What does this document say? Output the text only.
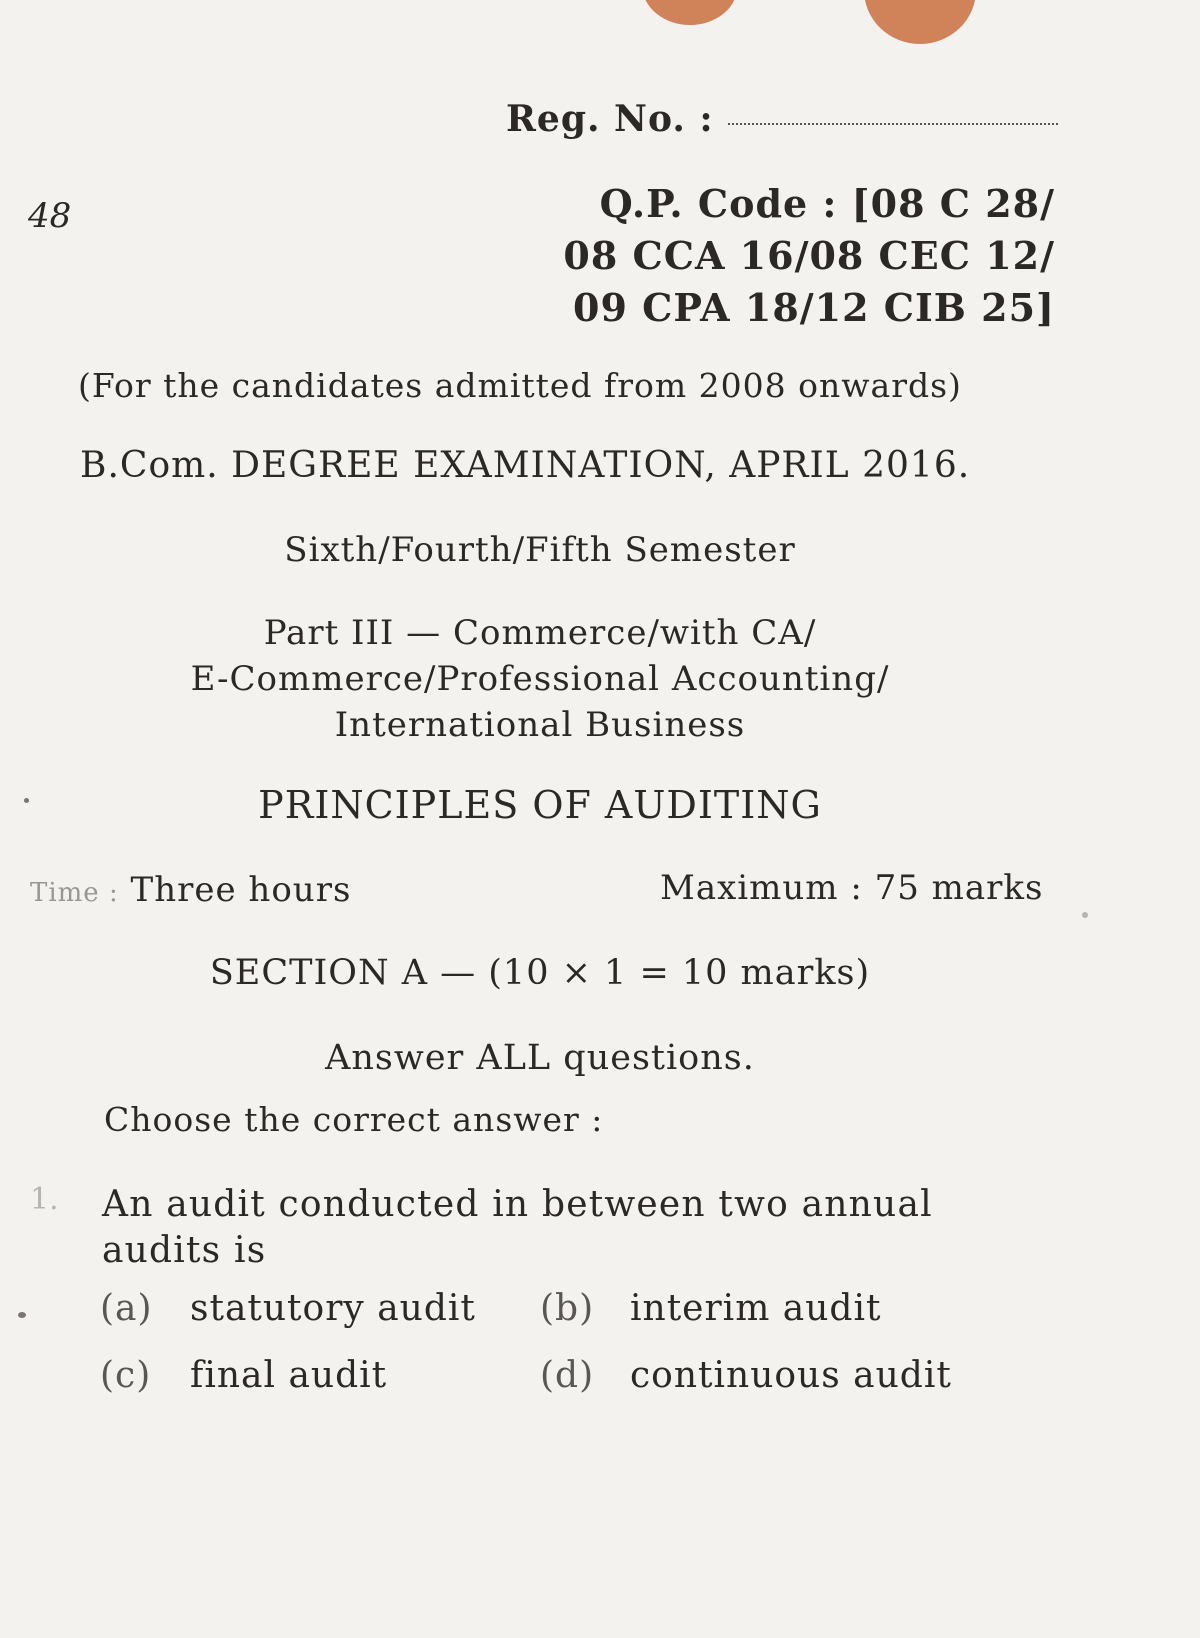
Reg. No. :
48	Q.P. Code : [08 C 28/
08 CCA 16/08 CEC 12/
09 CPA 18/12 CIB 25]
(For the candidates admitted from 2008 onwards)
B.Com. DEGREE EXAMINATION, APRIL 2016.
Sixth/Fourth/Fifth Semester
Part III — Commerce/with CA/
E-Commerce/Professional Accounting/
International Business
PRINCIPLES OF AUDITING
Time : Three hours	Maximum : 75 marks
SECTION A — (10 × 1 = 10 marks)
Answer ALL questions.
Choose the correct answer :
1. An audit conducted in between two annual audits is
(a) statutory audit (b) interim audit
(c) final audit	(d) continuous audit
